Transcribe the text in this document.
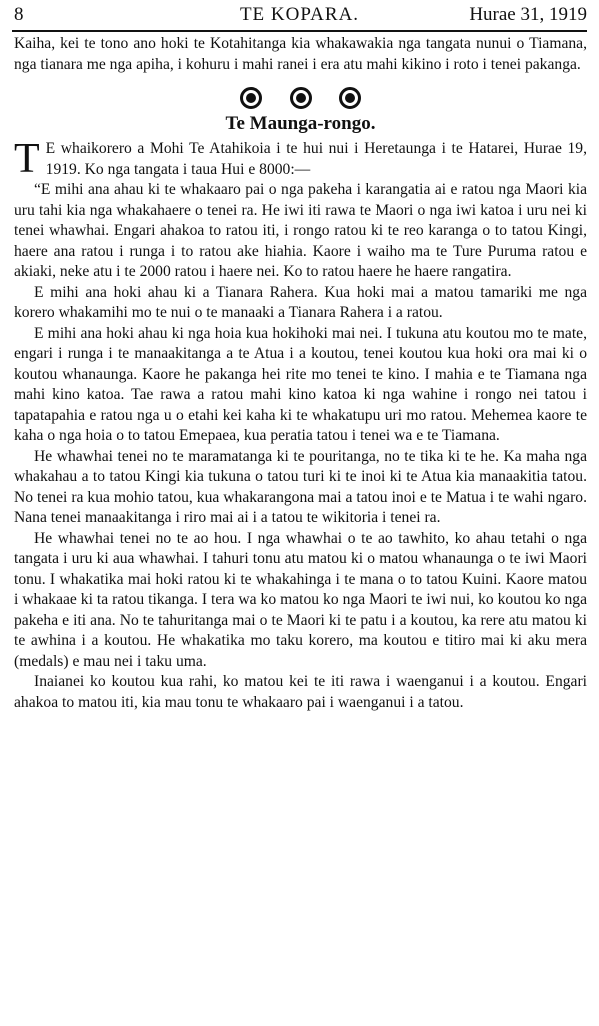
8	TE KOPARA.	Hurae 31, 1919

Kaiha, kei te tono ano hoki te Kotahitanga kia whakawakia nga tangata nunui o Tiamana, nga tianara me nga apiha, i kohuru i mahi ranei i era atu mahi kikino i roto i tenei pakanga.

Te Maunga-rongo.

T E whaikorero a Mohi Te Atahikoia i te hui nui i Heretaunga i te Hatarei, Hurae 19, 1919. Ko nga tangata i taua Hui e 8000:—

“E mihi ana ahau ki te whakaaro pai o nga pakeha i karangatia ai e ratou nga Maori kia uru tahi kia nga whakahaere o tenei ra. He iwi iti rawa te Maori o nga iwi katoa i uru nei ki tenei whawhai. Engari ahakoa to ratou iti, i rongo ratou ki te reo karanga o to tatou Kingi, haere ana ratou i runga i to ratou ake hiahia. Kaore i waiho ma te Ture Puruma ratou e akiaki, neke atu i te 2000 ratou i haere nei. Ko to ratou haere he haere rangatira.

E mihi ana hoki ahau ki a Tianara Rahera. Kua hoki mai a matou tamariki me nga korero whakamihi mo te nui o te manaaki a Tianara Rahera i a ratou.

E mihi ana hoki ahau ki nga hoia kua hokihoki mai nei. I tukuna atu koutou mo te mate, engari i runga i te manaakitanga a te Atua i a koutou, tenei koutou kua hoki ora mai ki o koutou whanaunga. Kaore he pakanga hei rite mo tenei te kino. I mahia e te Tiamana nga mahi kino katoa. Tae rawa a ratou mahi kino katoa ki nga wahine i rongo nei tatou i tapatapahia e ratou nga u o etahi kei kaha ki te whakatupu uri mo ratou. Mehemea kaore te kaha o nga hoia o to tatou Emepaea, kua peratia tatou i tenei wa e te Tiamana.

He whawhai tenei no te maramatanga ki te pouritanga, no te tika ki te he. Ka maha nga whakahau a to tatou Kingi kia tukuna o tatou turi ki te inoi ki te Atua kia manaakitia tatou. No tenei ra kua mohio tatou, kua whakarangona mai a tatou inoi e te Matua i te wahi ngaro. Nana tenei manaakitanga i riro mai ai i a tatou te wikitoria i tenei ra.

He whawhai tenei no te ao hou. I nga whawhai o te ao tawhito, ko ahau tetahi o nga tangata i uru ki aua whawhai. I tahuri tonu atu matou ki o matou whanaunga o te iwi Maori tonu. I whakatika mai hoki ratou ki te whakahinga i te mana o to tatou Kuini. Kaore matou i whakaae ki ta ratou tikanga. I tera wa ko matou ko nga Maori te iwi nui, ko koutou ko nga pakeha e iti ana. No te tahuritanga mai o te Maori ki te patu i a koutou, ka rere atu matou ki te awhina i a koutou. He whakatika mo taku korero, ma koutou e titiro mai ki aku mera (medals) e mau nei i taku uma.

Inaianei ko koutou kua rahi, ko matou kei te iti rawa i waenganui i a koutou. Engari ahakoa to matou iti, kia mau tonu te whakaaro pai i waenganui i a tatou.
